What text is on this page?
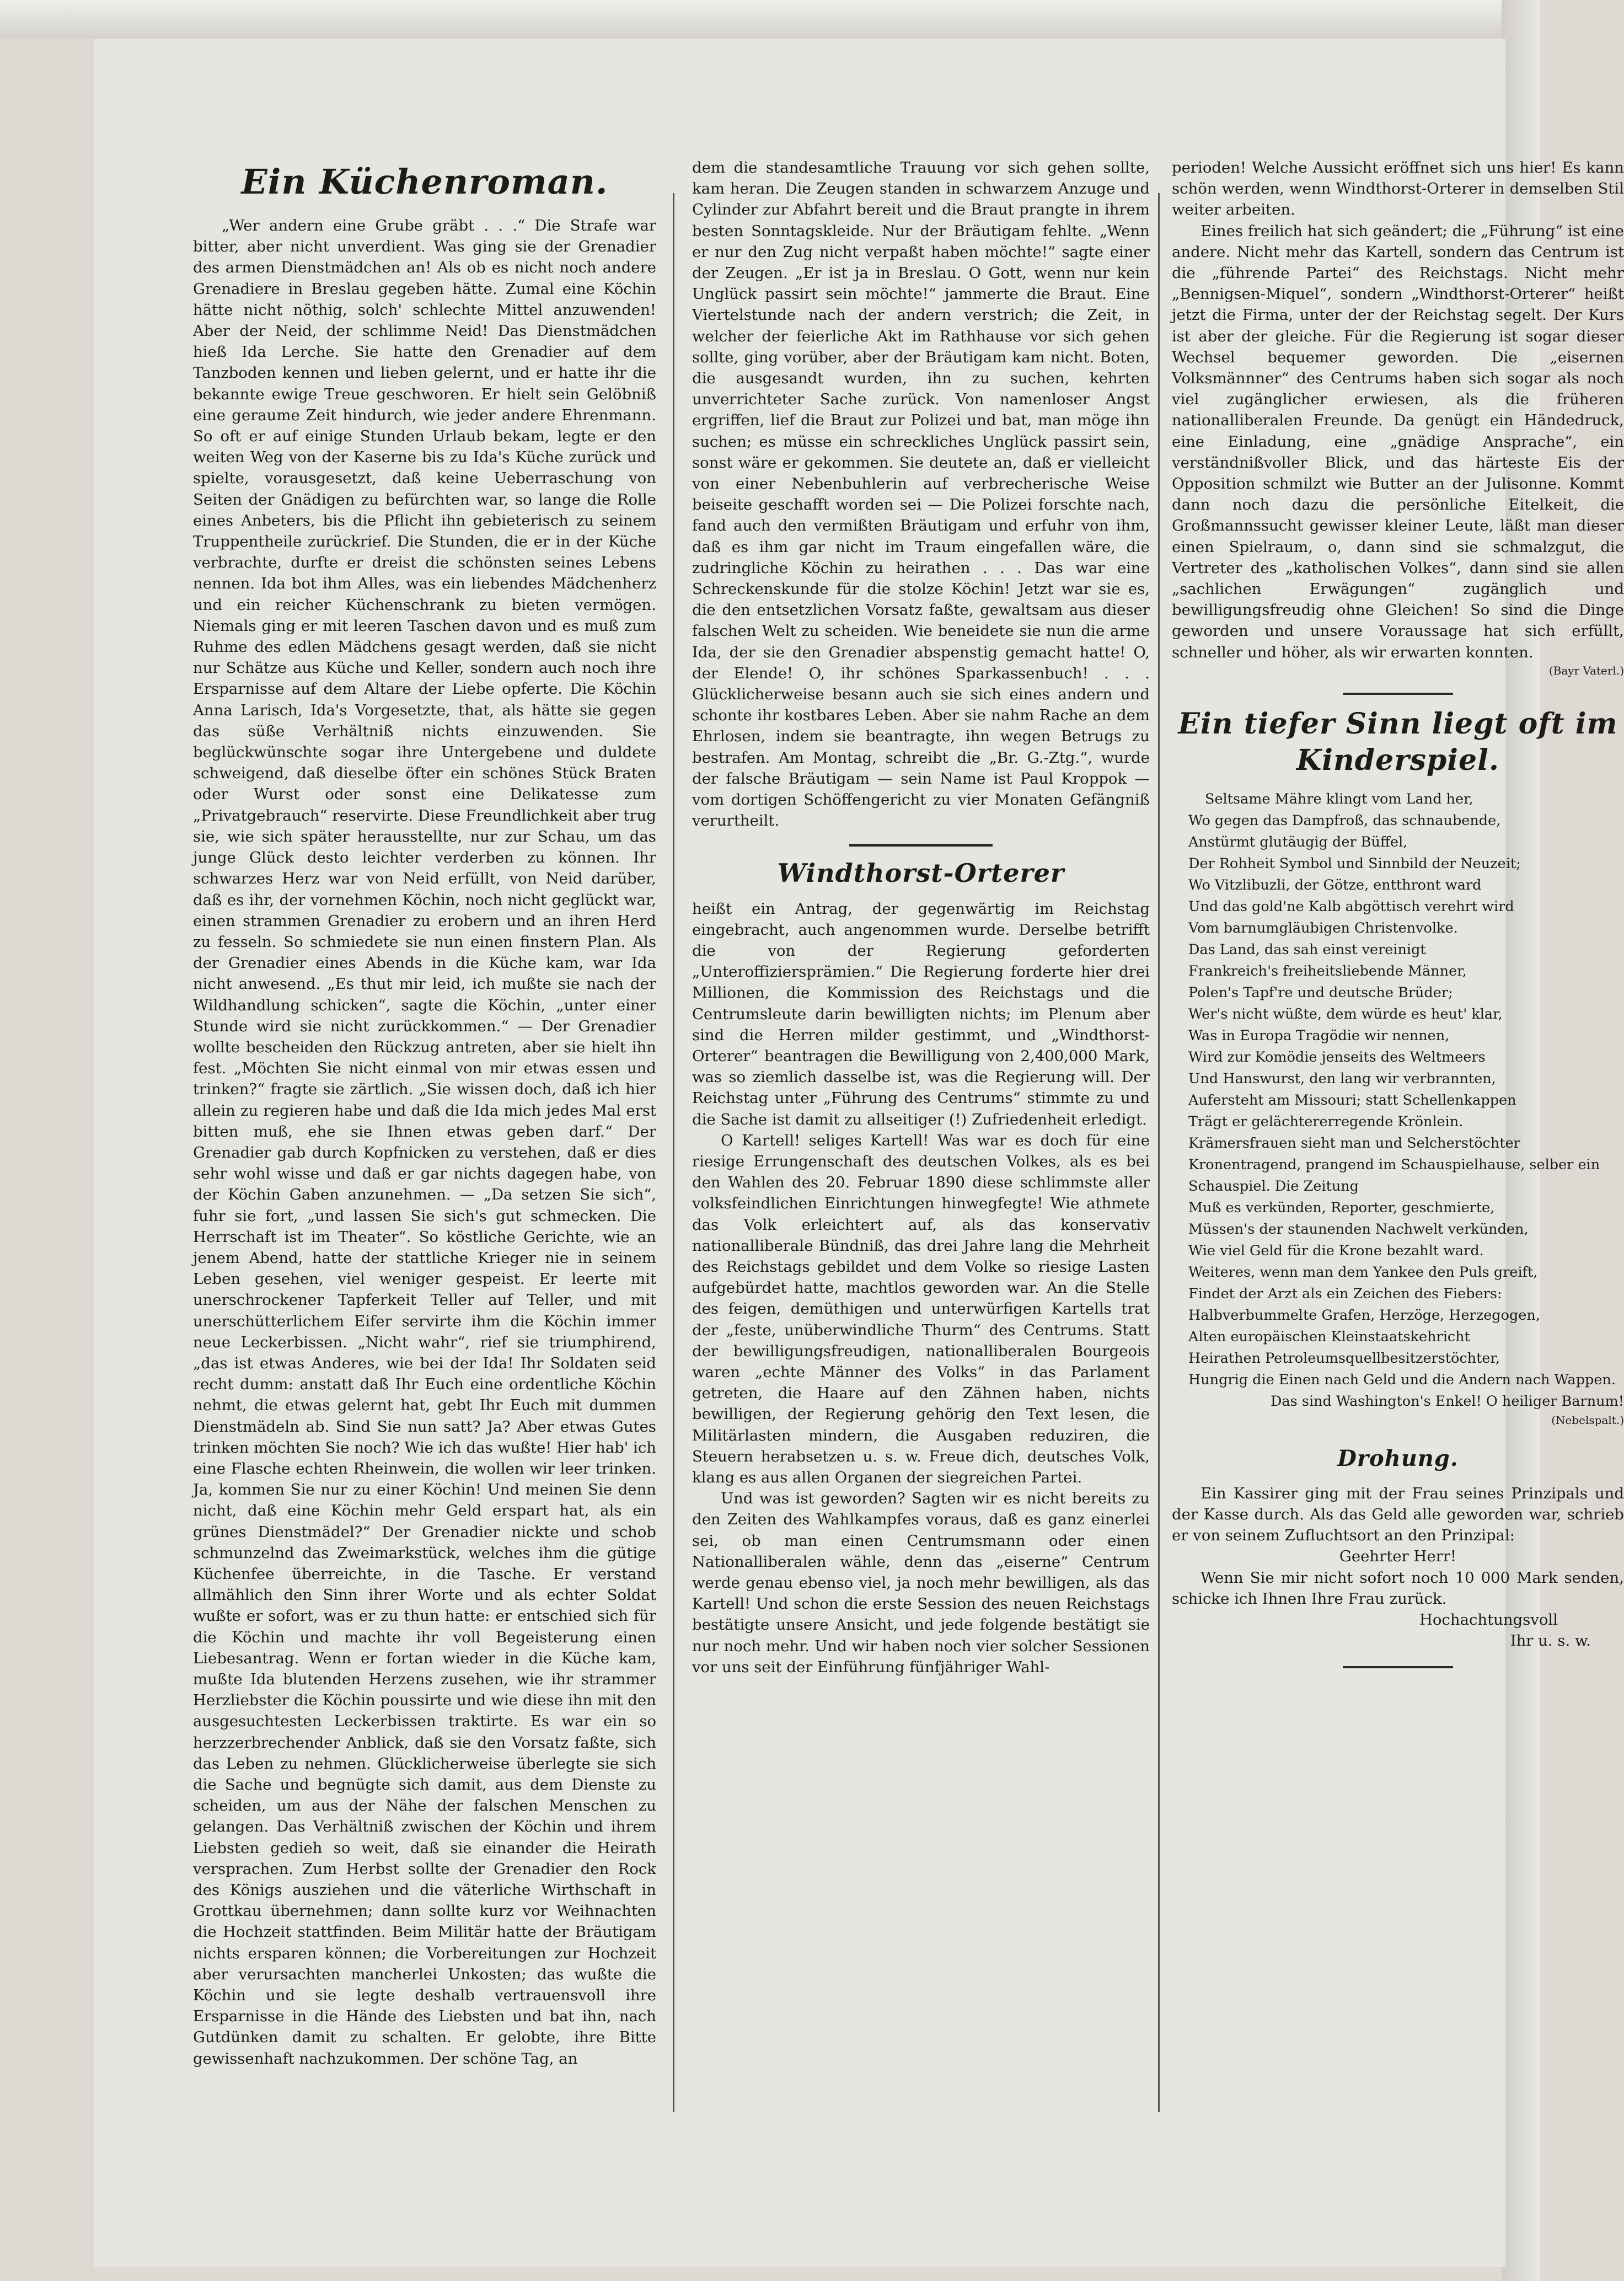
Ein Küchenroman.

„Wer andern eine Grube gräbt . . .“ Die Strafe war bitter, aber nicht unverdient. Was ging sie der Grenadier des armen Dienstmädchen an! Als ob es nicht noch andere Grenadiere in Breslau gegeben hätte. Zumal eine Köchin hätte nicht nöthig, solch' schlechte Mittel anzuwenden! Aber der Neid, der schlimme Neid! Das Dienstmädchen hieß Ida Lerche. Sie hatte den Grenadier auf dem Tanzboden kennen und lieben gelernt, und er hatte ihr die bekannte ewige Treue geschworen. Er hielt sein Gelöbniß eine geraume Zeit hindurch, wie jeder andere Ehrenmann. So oft er auf einige Stunden Urlaub bekam, legte er den weiten Weg von der Kaserne bis zu Ida's Küche zurück und spielte, vorausgesetzt, daß keine Ueberraschung von Seiten der Gnädigen zu befürchten war, so lange die Rolle eines Anbeters, bis die Pflicht ihn gebieterisch zu seinem Truppentheile zurückrief. Die Stunden, die er in der Küche verbrachte, durfte er dreist die schönsten seines Lebens nennen. Ida bot ihm Alles, was ein liebendes Mädchenherz und ein reicher Küchenschrank zu bieten vermögen. Niemals ging er mit leeren Taschen davon und es muß zum Ruhme des edlen Mädchens gesagt werden, daß sie nicht nur Schätze aus Küche und Keller, sondern auch noch ihre Ersparnisse auf dem Altare der Liebe opferte. Die Köchin Anna Larisch, Ida's Vorgesetzte, that, als hätte sie gegen das süße Verhältniß nichts einzuwenden. Sie beglückwünschte sogar ihre Untergebene und duldete schweigend, daß dieselbe öfter ein schönes Stück Braten oder Wurst oder sonst eine Delikatesse zum „Privatgebrauch“ reservirte. Diese Freundlichkeit aber trug sie, wie sich später herausstellte, nur zur Schau, um das junge Glück desto leichter verderben zu können. Ihr schwarzes Herz war von Neid erfüllt, von Neid darüber, daß es ihr, der vornehmen Köchin, noch nicht geglückt war, einen strammen Grenadier zu erobern und an ihren Herd zu fesseln. So schmiedete sie nun einen finstern Plan. Als der Grenadier eines Abends in die Küche kam, war Ida nicht anwesend. „Es thut mir leid, ich mußte sie nach der Wildhandlung schicken“, sagte die Köchin, „unter einer Stunde wird sie nicht zurückkommen.“ — Der Grenadier wollte bescheiden den Rückzug antreten, aber sie hielt ihn fest. „Möchten Sie nicht einmal von mir etwas essen und trinken?“ fragte sie zärtlich. „Sie wissen doch, daß ich hier allein zu regieren habe und daß die Ida mich jedes Mal erst bitten muß, ehe sie Ihnen etwas geben darf.“ Der Grenadier gab durch Kopfnicken zu verstehen, daß er dies sehr wohl wisse und daß er gar nichts dagegen habe, von der Köchin Gaben anzunehmen. — „Da setzen Sie sich“, fuhr sie fort, „und lassen Sie sich's gut schmecken. Die Herrschaft ist im Theater“. So köstliche Gerichte, wie an jenem Abend, hatte der stattliche Krieger nie in seinem Leben gesehen, viel weniger gespeist. Er leerte mit unerschrockener Tapferkeit Teller auf Teller, und mit unerschütterlichem Eifer servirte ihm die Köchin immer neue Leckerbissen. „Nicht wahr“, rief sie triumphirend, „das ist etwas Anderes, wie bei der Ida! Ihr Soldaten seid recht dumm: anstatt daß Ihr Euch eine ordentliche Köchin nehmt, die etwas gelernt hat, gebt Ihr Euch mit dummen Dienstmädeln ab. Sind Sie nun satt? Ja? Aber etwas Gutes trinken möchten Sie noch? Wie ich das wußte! Hier hab' ich eine Flasche echten Rheinwein, die wollen wir leer trinken. Ja, kommen Sie nur zu einer Köchin! Und meinen Sie denn nicht, daß eine Köchin mehr Geld erspart hat, als ein grünes Dienstmädel?“ Der Grenadier nickte und schob schmunzelnd das Zweimarkstück, welches ihm die gütige Küchenfee überreichte, in die Tasche. Er verstand allmählich den Sinn ihrer Worte und als echter Soldat wußte er sofort, was er zu thun hatte: er entschied sich für die Köchin und machte ihr voll Begeisterung einen Liebesantrag. Wenn er fortan wieder in die Küche kam, mußte Ida blutenden Herzens zusehen, wie ihr strammer Herzliebster die Köchin poussirte und wie diese ihn mit den ausgesuchtesten Leckerbissen traktirte. Es war ein so herzzerbrechender Anblick, daß sie den Vorsatz faßte, sich das Leben zu nehmen. Glücklicherweise überlegte sie sich die Sache und begnügte sich damit, aus dem Dienste zu scheiden, um aus der Nähe der falschen Menschen zu gelangen. Das Verhältniß zwischen der Köchin und ihrem Liebsten gedieh so weit, daß sie einander die Heirath versprachen. Zum Herbst sollte der Grenadier den Rock des Königs ausziehen und die väterliche Wirthschaft in Grottkau übernehmen; dann sollte kurz vor Weihnachten die Hochzeit stattfinden. Beim Militär hatte der Bräutigam nichts ersparen können; die Vorbereitungen zur Hochzeit aber verursachten mancherlei Unkosten; das wußte die Köchin und sie legte deshalb vertrauensvoll ihre Ersparnisse in die Hände des Liebsten und bat ihn, nach Gutdünken damit zu schalten. Er gelobte, ihre Bitte gewissenhaft nachzukommen. Der schöne Tag, an

dem die standesamtliche Trauung vor sich gehen sollte, kam heran. Die Zeugen standen in schwarzem Anzuge und Cylinder zur Abfahrt bereit und die Braut prangte in ihrem besten Sonntagskleide. Nur der Bräutigam fehlte. „Wenn er nur den Zug nicht verpaßt haben möchte!“ sagte einer der Zeugen. „Er ist ja in Breslau. O Gott, wenn nur kein Unglück passirt sein möchte!“ jammerte die Braut. Eine Viertelstunde nach der andern verstrich; die Zeit, in welcher der feierliche Akt im Rathhause vor sich gehen sollte, ging vorüber, aber der Bräutigam kam nicht. Boten, die ausgesandt wurden, ihn zu suchen, kehrten unverrichteter Sache zurück. Von namenloser Angst ergriffen, lief die Braut zur Polizei und bat, man möge ihn suchen; es müsse ein schreckliches Unglück passirt sein, sonst wäre er gekommen. Sie deutete an, daß er vielleicht von einer Nebenbuhlerin auf verbrecherische Weise beiseite geschafft worden sei — Die Polizei forschte nach, fand auch den vermißten Bräutigam und erfuhr von ihm, daß es ihm gar nicht im Traum eingefallen wäre, die zudringliche Köchin zu heirathen . . . Das war eine Schreckenskunde für die stolze Köchin! Jetzt war sie es, die den entsetzlichen Vorsatz faßte, gewaltsam aus dieser falschen Welt zu scheiden. Wie beneidete sie nun die arme Ida, der sie den Grenadier abspenstig gemacht hatte! O, der Elende! O, ihr schönes Sparkassenbuch! . . . Glücklicherweise besann auch sie sich eines andern und schonte ihr kostbares Leben. Aber sie nahm Rache an dem Ehrlosen, indem sie beantragte, ihn wegen Betrugs zu bestrafen. Am Montag, schreibt die „Br. G.-Ztg.“, wurde der falsche Bräutigam — sein Name ist Paul Kroppok — vom dortigen Schöffengericht zu vier Monaten Gefängniß verurtheilt.

Windthorst-Orterer

heißt ein Antrag, der gegenwärtig im Reichstag eingebracht, auch angenommen wurde. Derselbe betrifft die von der Regierung geforderten „Unteroffiziersprämien.“ Die Regierung forderte hier drei Millionen, die Kommission des Reichstags und die Centrumsleute darin bewilligten nichts; im Plenum aber sind die Herren milder gestimmt, und „Windthorst-Orterer“ beantragen die Bewilligung von 2,400,000 Mark, was so ziemlich dasselbe ist, was die Regierung will. Der Reichstag unter „Führung des Centrums“ stimmte zu und die Sache ist damit zu allseitiger (!) Zufriedenheit erledigt.

O Kartell! seliges Kartell! Was war es doch für eine riesige Errungenschaft des deutschen Volkes, als es bei den Wahlen des 20. Februar 1890 diese schlimmste aller volksfeindlichen Einrichtungen hinwegfegte! Wie athmete das Volk erleichtert auf, als das konservativ nationalliberale Bündniß, das drei Jahre lang die Mehrheit des Reichstags gebildet und dem Volke so riesige Lasten aufgebürdet hatte, machtlos geworden war. An die Stelle des feigen, demüthigen und unterwürfigen Kartells trat der „feste, unüberwindliche Thurm“ des Centrums. Statt der bewilligungsfreudigen, nationalliberalen Bourgeois waren „echte Männer des Volks“ in das Parlament getreten, die Haare auf den Zähnen haben, nichts bewilligen, der Regierung gehörig den Text lesen, die Militärlasten mindern, die Ausgaben reduziren, die Steuern herabsetzen u. s. w. Freue dich, deutsches Volk, klang es aus allen Organen der siegreichen Partei.

Und was ist geworden? Sagten wir es nicht bereits zu den Zeiten des Wahlkampfes voraus, daß es ganz einerlei sei, ob man einen Centrumsmann oder einen Nationalliberalen wähle, denn das „eiserne“ Centrum werde genau ebenso viel, ja noch mehr bewilligen, als das Kartell! Und schon die erste Session des neuen Reichstags bestätigte unsere Ansicht, und jede folgende bestätigt sie nur noch mehr. Und wir haben noch vier solcher Sessionen vor uns seit der Einführung fünfjähriger Wahl-

perioden! Welche Aussicht eröffnet sich uns hier! Es kann schön werden, wenn Windthorst-Orterer in demselben Stil weiter arbeiten.

Eines freilich hat sich geändert; die „Führung“ ist eine andere. Nicht mehr das Kartell, sondern das Centrum ist die „führende Partei“ des Reichstags. Nicht mehr „Bennigsen-Miquel“, sondern „Windthorst-Orterer“ heißt jetzt die Firma, unter der der Reichstag segelt. Der Kurs ist aber der gleiche. Für die Regierung ist sogar dieser Wechsel bequemer geworden. Die „eisernen Volksmännner“ des Centrums haben sich sogar als noch viel zugänglicher erwiesen, als die früheren nationalliberalen Freunde. Da genügt ein Händedruck, eine Einladung, eine „gnädige Ansprache“, ein verständnißvoller Blick, und das härteste Eis der Opposition schmilzt wie Butter an der Julisonne. Kommt dann noch dazu die persönliche Eitelkeit, die Großmannssucht gewisser kleiner Leute, läßt man dieser einen Spielraum, o, dann sind sie schmalzgut, die Vertreter des „katholischen Volkes“, dann sind sie allen „sachlichen Erwägungen“ zugänglich und bewilligungsfreudig ohne Gleichen! So sind die Dinge geworden und unsere Voraussage hat sich erfüllt, schneller und höher, als wir erwarten konnten.

(Bayr Vaterl.)
Ein tiefer Sinn liegt oft im Kinderspiel.

Seltsame Mähre klingt vom Land her,

Wo gegen das Dampfroß, das schnaubende,

Anstürmt glutäugig der Büffel,

Der Rohheit Symbol und Sinnbild der Neuzeit;

Wo Vitzlibuzli, der Götze, entthront ward

Und das gold'ne Kalb abgöttisch verehrt wird

Vom barnumgläubigen Christenvolke.

Das Land, das sah einst vereinigt

Frankreich's freiheitsliebende Männer,

Polen's Tapf're und deutsche Brüder;

Wer's nicht wüßte, dem würde es heut' klar,

Was in Europa Tragödie wir nennen,

Wird zur Komödie jenseits des Weltmeers

Und Hanswurst, den lang wir verbrannten,

Aufersteht am Missouri; statt Schellenkappen

Trägt er gelächtererregende Krönlein.

Krämersfrauen sieht man und Selcherstöchter

Kronentragend, prangend im Schauspielhause, selber ein Schauspiel. Die Zeitung

Muß es verkünden, Reporter, geschmierte,

Müssen's der staunenden Nachwelt verkünden,

Wie viel Geld für die Krone bezahlt ward.

Weiteres, wenn man dem Yankee den Puls greift,

Findet der Arzt als ein Zeichen des Fiebers:

Halbverbummelte Grafen, Herzöge, Herzegogen,

Alten europäischen Kleinstaatskehricht

Heirathen Petroleumsquellbesitzerstöchter,

Hungrig die Einen nach Geld und die Andern nach Wappen.

Das sind Washington's Enkel! O heiliger Barnum!

(Nebelspalt.)
Drohung.

Ein Kassirer ging mit der Frau seines Prinzipals und der Kasse durch. Als das Geld alle geworden war, schrieb er von seinem Zufluchtsort an den Prinzipal:

Geehrter Herr!

Wenn Sie mir nicht sofort noch 10 000 Mark senden, schicke ich Ihnen Ihre Frau zurück.

Hochachtungsvoll

Ihr u. s. w.
